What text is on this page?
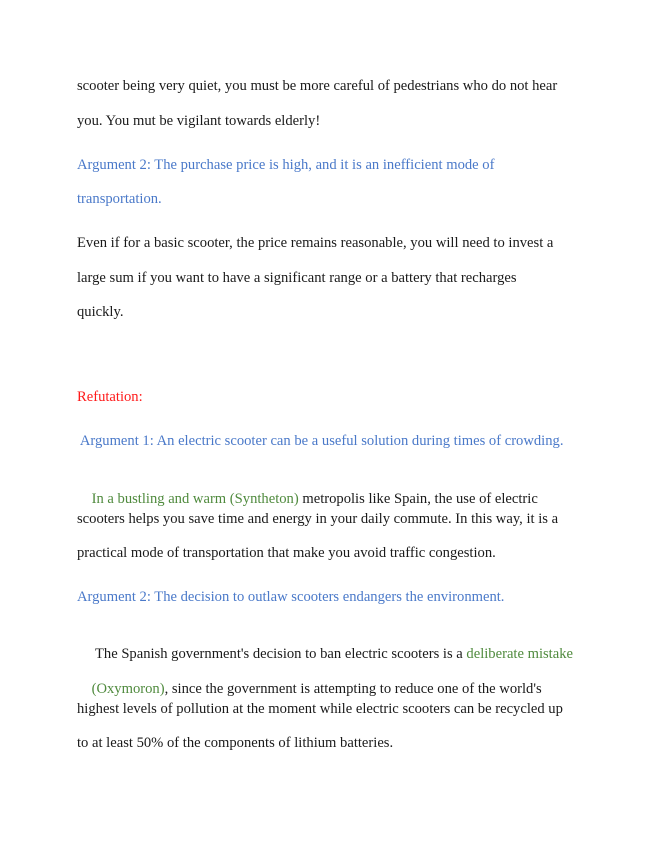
scooter being very quiet, you must be more careful of pedestrians who do not hear
you. You mut be vigilant towards elderly!
Argument 2: The purchase price is high, and it is an inefficient mode of
transportation.
Even if for a basic scooter, the price remains reasonable, you will need to invest a
large sum if you want to have a significant range or a battery that recharges
quickly.
Refutation:
Argument 1: An electric scooter can be a useful solution during times of crowding.

In a bustling and warm (Syntheton) metropolis like Spain, the use of electric

scooters helps you save time and energy in your daily commute. In this way, it is a
practical mode of transportation that make you avoid traffic congestion.
Argument 2: The decision to outlaw scooters endangers the environment.

The Spanish government's decision to ban electric scooters is a deliberate mistake

(Oxymoron), since the government is attempting to reduce one of the world's

highest levels of pollution at the moment while electric scooters can be recycled up
to at least 50% of the components of lithium batteries.
